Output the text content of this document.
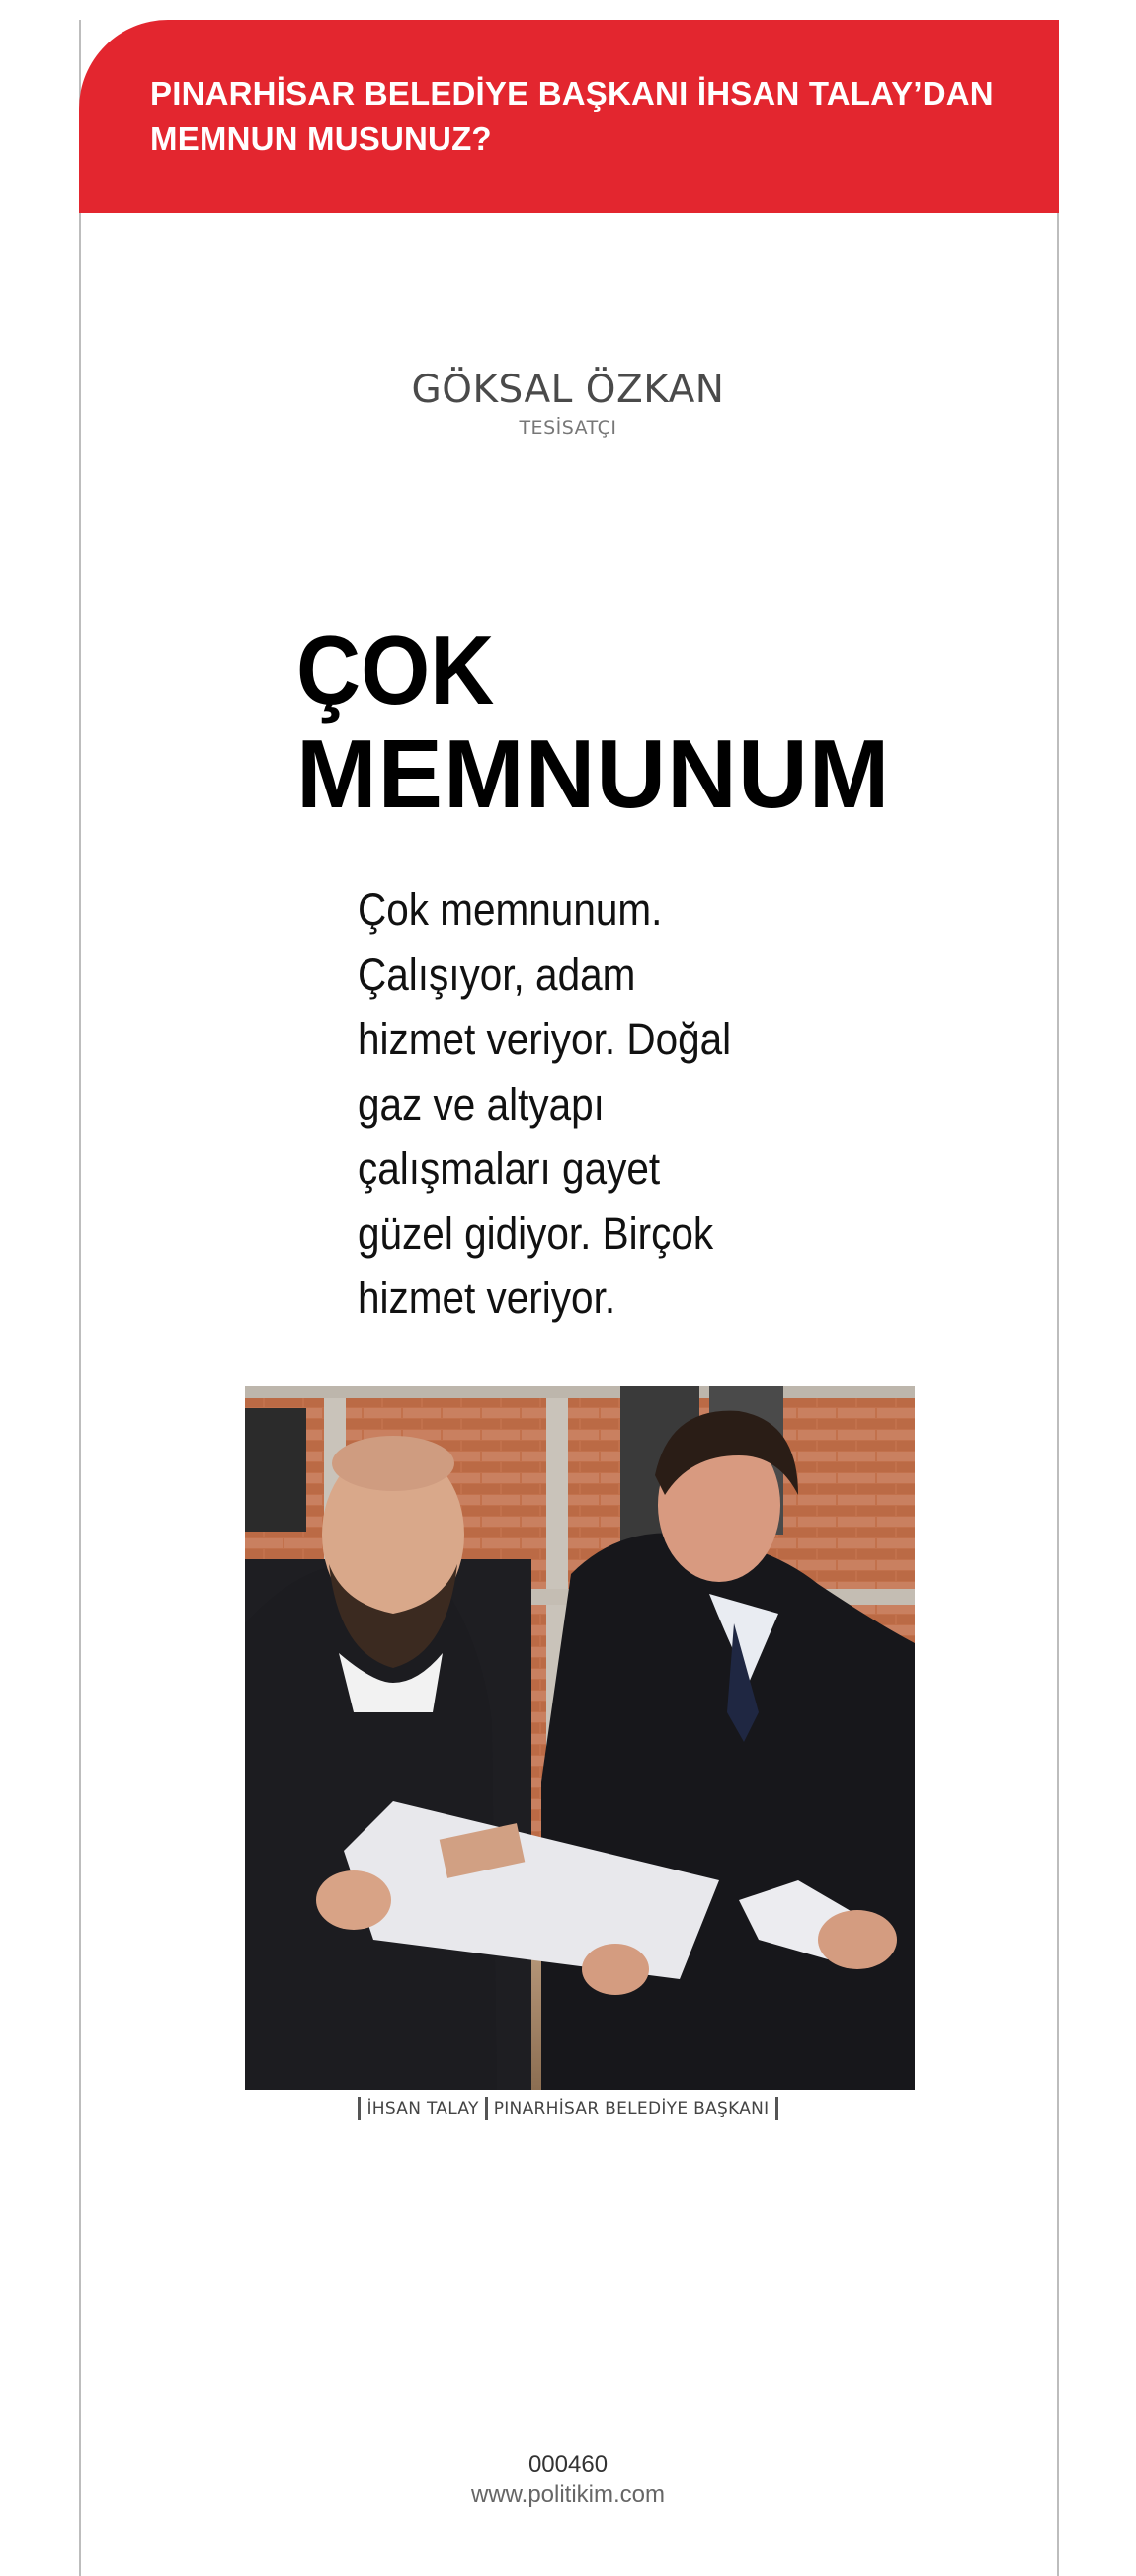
PINARHİSAR BELEDİYE BAŞKANI İHSAN TALAY’DAN
MEMNUN MUSUNUZ?

GÖKSAL ÖZKAN
TESİSATÇI
ÇOK
MEMNUNUM
Çok memnunum.
Çalışıyor, adam
hizmet veriyor. Doğal
gaz ve altyapı
çalışmaları gayet
güzel gidiyor. Birçok
hizmet veriyor.
İHSAN TALAY PINARHİSAR BELEDİYE BAŞKANI
000460
www.politikim.com
